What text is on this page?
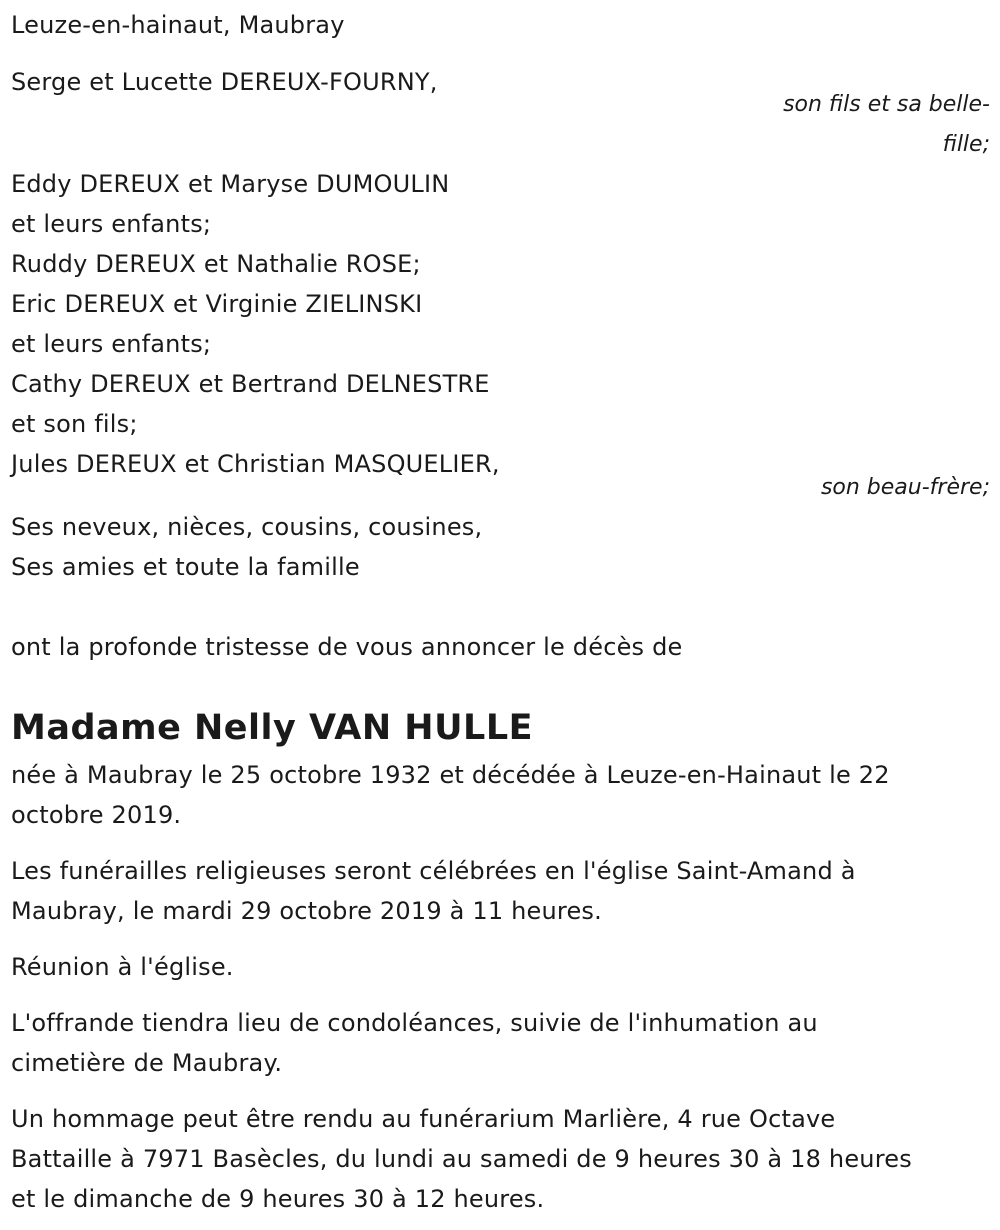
Leuze-en-hainaut, Maubray

Serge et Lucette DEREUX-FOURNY,

son fils et sa belle-

fille;

Eddy DEREUX et Maryse DUMOULIN

et leurs enfants;

Ruddy DEREUX et Nathalie ROSE;

Eric DEREUX et Virginie ZIELINSKI

et leurs enfants;

Cathy DEREUX et Bertrand DELNESTRE

et son fils;

Jules DEREUX et Christian MASQUELIER,

son beau-frère;

Ses neveux, nièces, cousins, cousines,

Ses amies et toute la famille

ont la profonde tristesse de vous annoncer le décès de

Madame Nelly VAN HULLE

née à Maubray le 25 octobre 1932 et décédée à Leuze-en-Hainaut le 22

octobre 2019.

Les funérailles religieuses seront célébrées en l'église Saint-Amand à

Maubray, le mardi 29 octobre 2019 à 11 heures.

Réunion à l'église.

L'offrande tiendra lieu de condoléances, suivie de l'inhumation au

cimetière de Maubray.

Un hommage peut être rendu au funérarium Marlière, 4 rue Octave

Battaille à 7971 Basècles, du lundi au samedi de 9 heures 30 à 18 heures

et le dimanche de 9 heures 30 à 12 heures.
